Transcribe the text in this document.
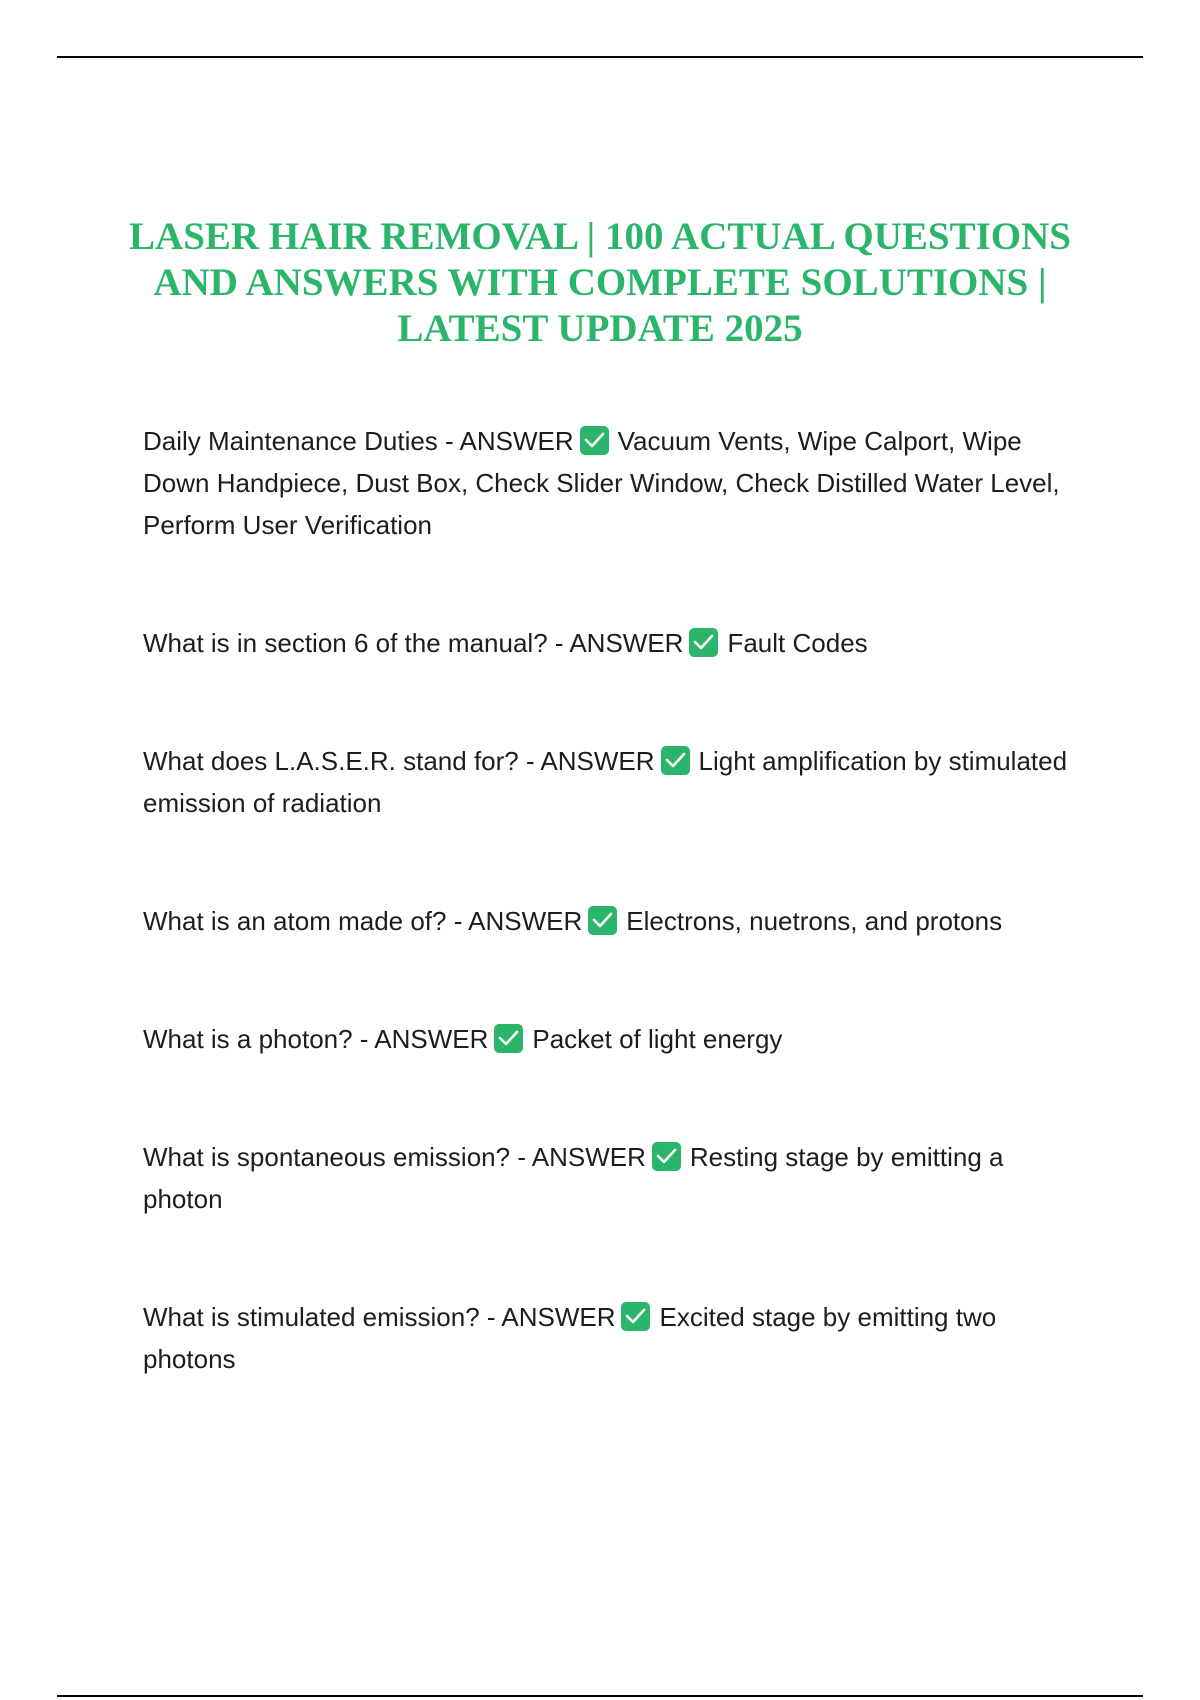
LASER HAIR REMOVAL | 100 ACTUAL QUESTIONS AND ANSWERS WITH COMPLETE SOLUTIONS | LATEST UPDATE 2025
Daily Maintenance Duties - ANSWER Vacuum Vents, Wipe Calport, Wipe Down Handpiece, Dust Box, Check Slider Window, Check Distilled Water Level, Perform User Verification
What is in section 6 of the manual? - ANSWER Fault Codes
What does L.A.S.E.R. stand for? - ANSWER Light amplification by stimulated emission of radiation
What is an atom made of? - ANSWER Electrons, nuetrons, and protons
What is a photon? - ANSWER Packet of light energy
What is spontaneous emission? - ANSWER Resting stage by emitting a photon
What is stimulated emission? - ANSWER Excited stage by emitting two photons
